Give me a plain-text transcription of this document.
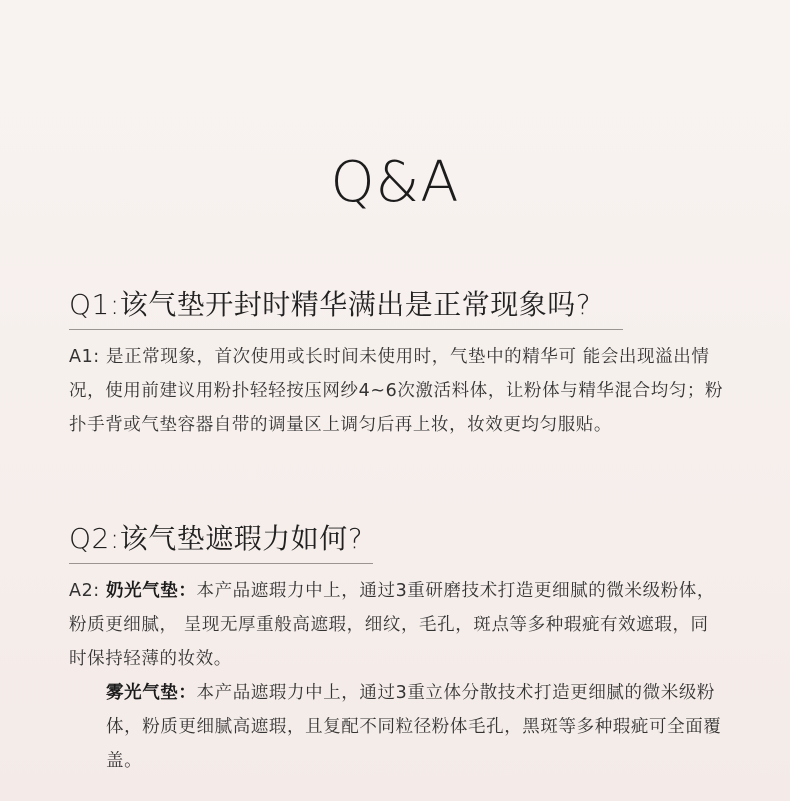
Q&A
Q1:该气垫开封时精华满出是正常现象吗?
A1: 是正常现象，首次使用或长时间未使用时，气垫中的精华可 能会出现溢出情况，使用前建议用粉扑轻轻按压网纱4~6次激活料体，让粉体与精华混合均匀；粉扑手背或气垫容器自带的调量区上调匀后再上妆，妆效更均匀服贴。
Q2:该气垫遮瑕力如何?
A2: 奶光气垫：本产品遮瑕力中上，通过3重研磨技术打造更细腻的微米级粉体，粉质更细腻， 呈现无厚重般高遮瑕，细纹，毛孔，斑点等多种瑕疵有效遮瑕，同时保持轻薄的妆效。
雾光气垫：本产品遮瑕力中上，通过3重立体分散技术打造更细腻的微米级粉体，粉质更细腻高遮瑕，且复配不同粒径粉体毛孔，黑斑等多种瑕疵可全面覆盖。
